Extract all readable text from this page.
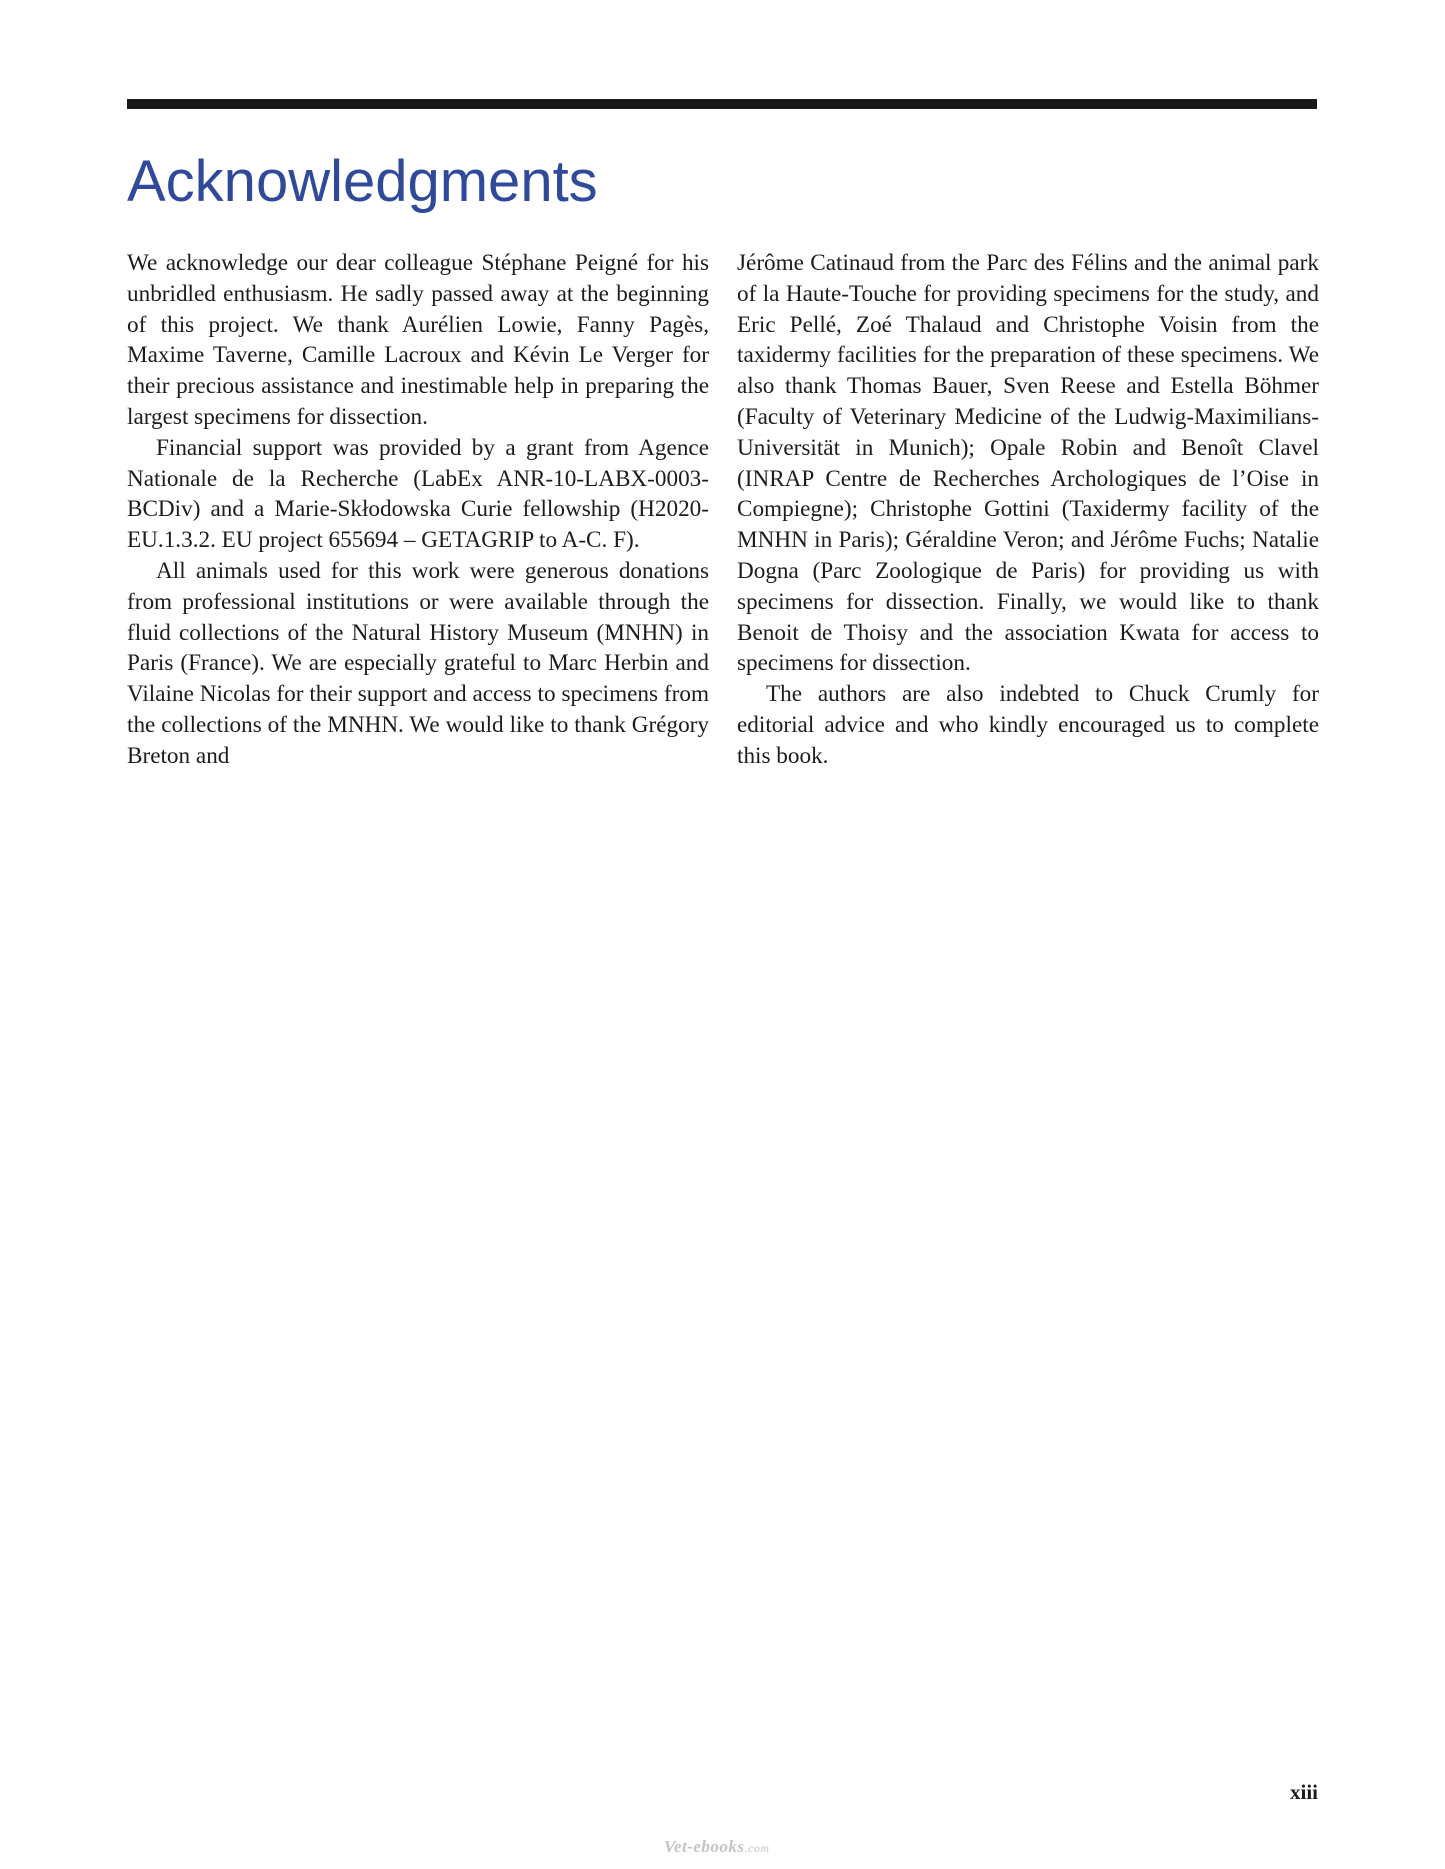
Acknowledgments

We acknowledge our dear colleague Stéphane Peigné for his unbridled enthusiasm. He sadly passed away at the beginning of this project. We thank Aurélien Lowie, Fanny Pagès, Maxime Taverne, Camille Lacroux and Kévin Le Verger for their precious assistance and inestimable help in preparing the largest specimens for dissection.

Financial support was provided by a grant from Agence Nationale de la Recherche (LabEx ANR-10-LABX-0003-BCDiv) and a Marie-Skłodowska Curie fellowship (H2020-EU.1.3.2. EU project 655694 – GETAGRIP to A-C. F).

All animals used for this work were generous donations from professional institutions or were available through the fluid collections of the Natural History Museum (MNHN) in Paris (France). We are especially grateful to Marc Herbin and Vilaine Nicolas for their support and access to specimens from the collections of the MNHN. We would like to thank Grégory Breton and

Jérôme Catinaud from the Parc des Félins and the animal park of la Haute-Touche for providing specimens for the study, and Eric Pellé, Zoé Thalaud and Christophe Voisin from the taxidermy facilities for the preparation of these specimens. We also thank Thomas Bauer, Sven Reese and Estella Böhmer (Faculty of Veterinary Medicine of the Ludwig-Maximilians-Universität in Munich); Opale Robin and Benoît Clavel (INRAP Centre de Recherches Archologiques de l’Oise in Compiegne); Christophe Gottini (Taxidermy facility of the MNHN in Paris); Géraldine Veron; and Jérôme Fuchs; Natalie Dogna (Parc Zoologique de Paris) for providing us with specimens for dissection. Finally, we would like to thank Benoit de Thoisy and the association Kwata for access to specimens for dissection.

The authors are also indebted to Chuck Crumly for editorial advice and who kindly encouraged us to complete this book.

xiii
Vet-ebooks.com
